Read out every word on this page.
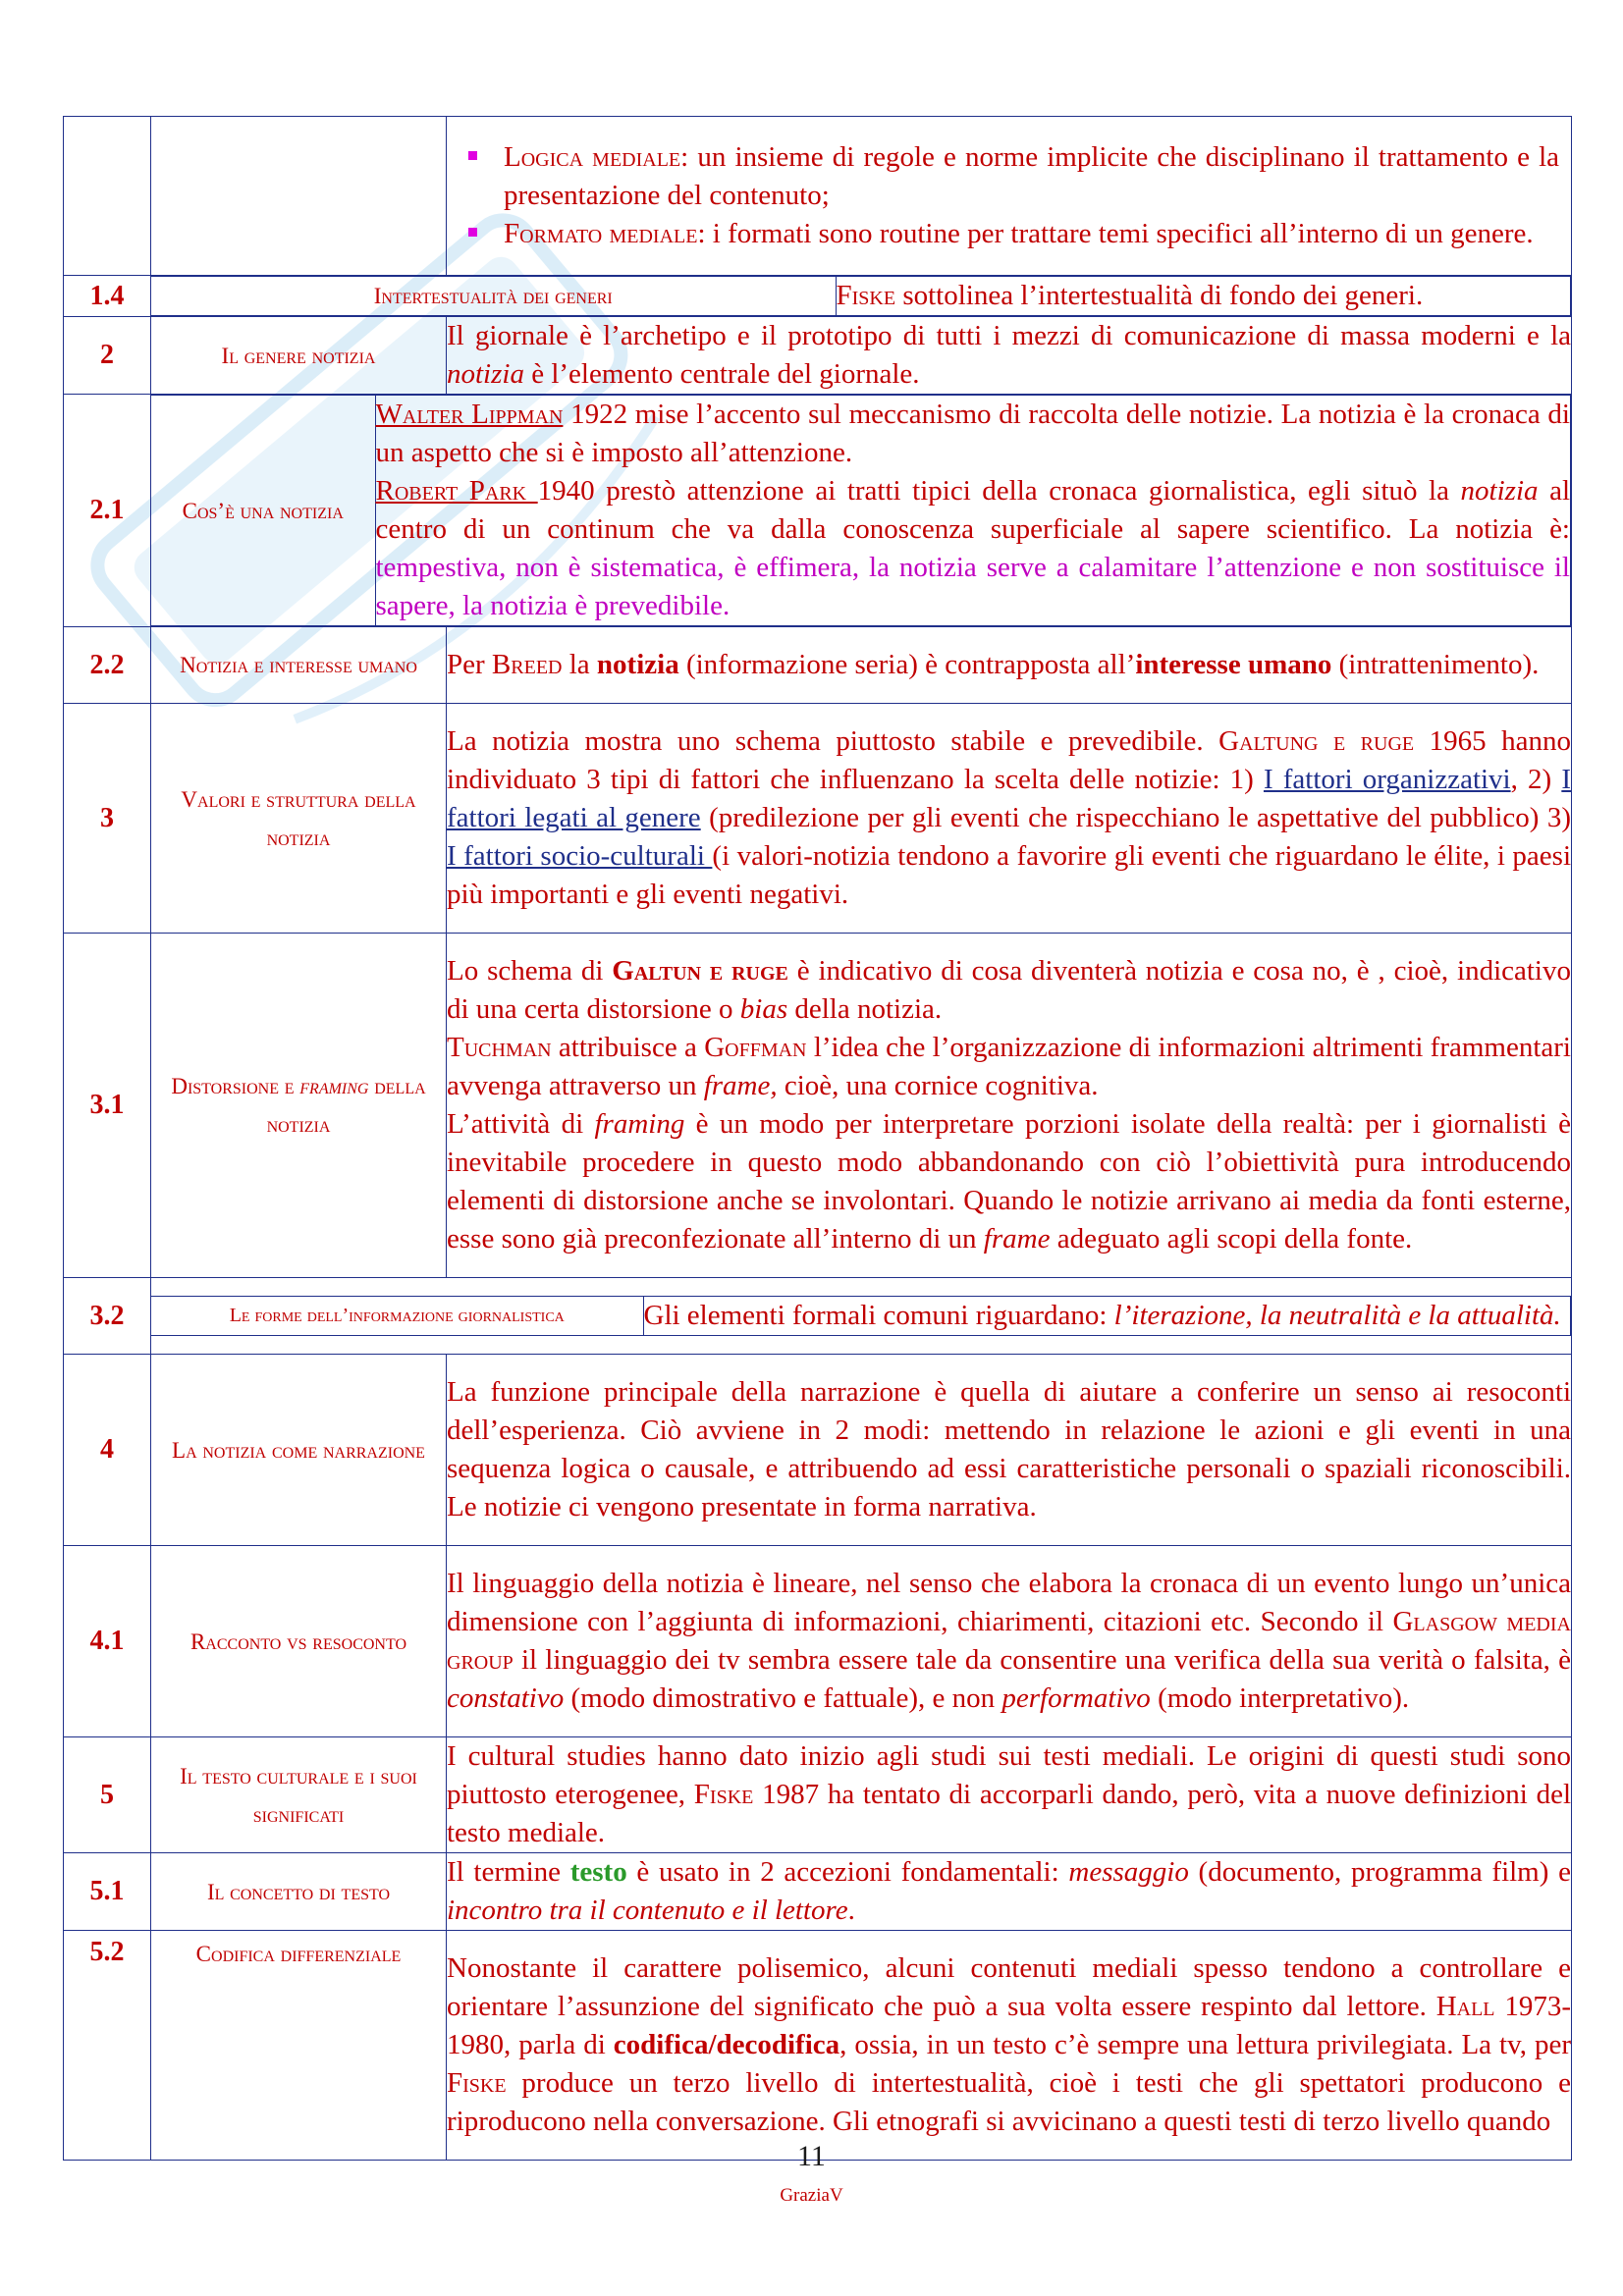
Logica mediale: un insieme di regole e norme implicite che disciplinano il trattamento e la presentazione del contenuto;
Formato mediale: i formati sono routine per trattare temi specifici all’interno di un genere.

1.4		Intertestualità dei generi	Fiske sottolinea l’intertestualità di fondo dei generi.

2	Il genere notizia	Il giornale è l’archetipo e il prototipo di tutti i mezzi di comunicazione di massa moderni e la notizia è l’elemento centrale del giornale.
2.1		Cos’è una notizia	Walter Lippman 1922 mise l’accento sul meccanismo di raccolta delle notizie. La notizia è la cronaca di un aspetto che si è imposto all’attenzione.
Robert Park 1940 prestò attenzione ai tratti tipici della cronaca giornalistica, egli situò la notizia al centro di un continum che va dalla conoscenza superficiale al sapere scientifico. La notizia è: tempestiva, non è sistematica, è effimera, la notizia serve a calamitare l’attenzione e non sostituisce il sapere, la notizia è prevedibile.

2.2	Notizia e interesse umano	Per Breed la notizia (informazione seria) è contrapposta all’interesse umano (intrattenimento).
3	Valori e struttura della notizia	La notizia mostra uno schema piuttosto stabile e prevedibile. Galtung e ruge 1965 hanno individuato 3 tipi di fattori che influenzano la scelta delle notizie: 1) I fattori organizzativi, 2) I fattori legati al genere (predilezione per gli eventi che rispecchiano le aspettative del pubblico) 3) I fattori socio-culturali (i valori-notizia tendono a favorire gli eventi che riguardano le élite, i paesi più importanti e gli eventi negativi.
3.1	Distorsione e framing della notizia	Lo schema di Galtun e ruge è indicativo di cosa diventerà notizia e cosa no, è , cioè, indicativo di una certa distorsione o bias della notizia.
Tuchman attribuisce a Goffman l’idea che l’organizzazione di informazioni altrimenti frammentari avvenga attraverso un frame, cioè, una cornice cognitiva.
L’attività di framing è un modo per interpretare porzioni isolate della realtà: per i giornalisti è inevitabile procedere in questo modo abbandonando con ciò l’obiettività pura introducendo elementi di distorsione anche se involontari. Quando le notizie arrivano ai media da fonti esterne, esse sono già preconfezionate all’interno di un frame adeguato agli scopi della fonte.
3.2		Le forme dell’informazione giornalistica	Gli elementi formali comuni riguardano: l’iterazione, la neutralità e la attualità.

4	La notizia come narrazione	La funzione principale della narrazione è quella di aiutare a conferire un senso ai resoconti dell’esperienza. Ciò avviene in 2 modi: mettendo in relazione le azioni e gli eventi in una sequenza logica o causale, e attribuendo ad essi caratteristiche personali o spaziali riconoscibili. Le notizie ci vengono presentate in forma narrativa.
4.1	Racconto vs resoconto	Il linguaggio della notizia è lineare, nel senso che elabora la cronaca di un evento lungo un’unica dimensione con l’aggiunta di informazioni, chiarimenti, citazioni etc. Secondo il Glasgow media group il linguaggio dei tv sembra essere tale da consentire una verifica della sua verità o falsita, è constativo (modo dimostrativo e fattuale), e non performativo (modo interpretativo).
5	Il testo culturale e i suoi significati	I cultural studies hanno dato inizio agli studi sui testi mediali. Le origini di questi studi sono piuttosto eterogenee, Fiske 1987 ha tentato di accorparli dando, però, vita a nuove definizioni del testo mediale.
5.1	Il concetto di testo	Il termine testo è usato in 2 accezioni fondamentali: messaggio (documento, programma film) e incontro tra il contenuto e il lettore.
5.2	Codifica differenziale	Nonostante il carattere polisemico, alcuni contenuti mediali spesso tendono a controllare e orientare l’assunzione del significato che può a sua volta essere respinto dal lettore. Hall 1973-1980, parla di codifica/decodifica, ossia, in un testo c’è sempre una lettura privilegiata. La tv, per Fiske produce un terzo livello di intertestualità, cioè i testi che gli spettatori producono e riproducono nella conversazione. Gli etnografi si avvicinano a questi testi di terzo livello quando
11
GraziaV
